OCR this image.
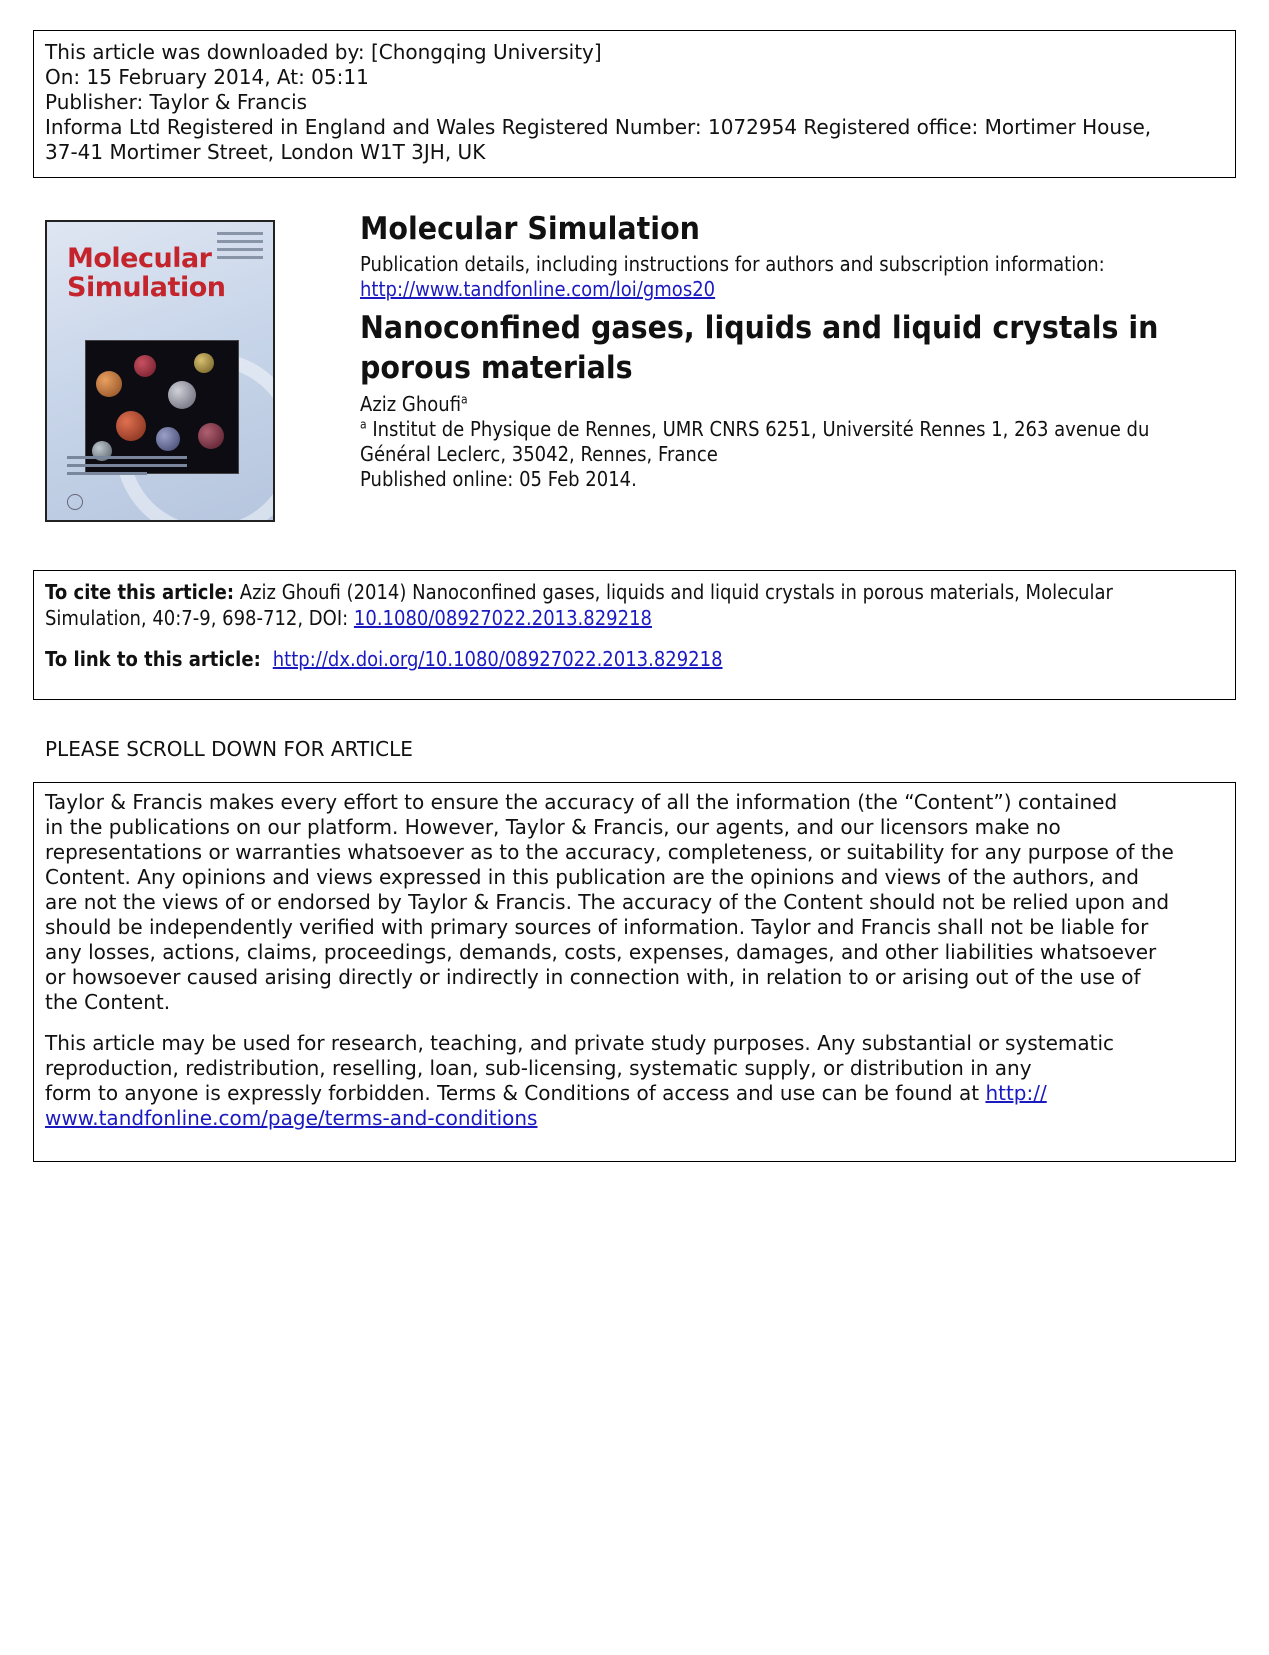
This article was downloaded by: [Chongqing University]
On: 15 February 2014, At: 05:11
Publisher: Taylor & Francis
Informa Ltd Registered in England and Wales Registered Number: 1072954 Registered office: Mortimer House,
37-41 Mortimer Street, London W1T 3JH, UK
Molecular
Simulation
Molecular Simulation
Publication details, including instructions for authors and subscription information:
http://www.tandfonline.com/loi/gmos20
Nanoconfined gases, liquids and liquid crystals in
porous materials
Aziz Ghoufi$^a$
$^a$ Institut de Physique de Rennes, UMR CNRS 6251, Université Rennes 1, 263 avenue du
Général Leclerc, 35042, Rennes, France
Published online: 05 Feb 2014.
To cite this article: Aziz Ghoufi (2014) Nanoconfined gases, liquids and liquid crystals in porous materials, Molecular
Simulation, 40:7-9, 698-712, DOI: 10.1080/08927022.2013.829218
To link to this article:  http://dx.doi.org/10.1080/08927022.2013.829218
PLEASE SCROLL DOWN FOR ARTICLE
Taylor & Francis makes every effort to ensure the accuracy of all the information (the “Content”) contained
in the publications on our platform. However, Taylor & Francis, our agents, and our licensors make no
representations or warranties whatsoever as to the accuracy, completeness, or suitability for any purpose of the
Content. Any opinions and views expressed in this publication are the opinions and views of the authors, and
are not the views of or endorsed by Taylor & Francis. The accuracy of the Content should not be relied upon and
should be independently verified with primary sources of information. Taylor and Francis shall not be liable for
any losses, actions, claims, proceedings, demands, costs, expenses, damages, and other liabilities whatsoever
or howsoever caused arising directly or indirectly in connection with, in relation to or arising out of the use of
the Content.
This article may be used for research, teaching, and private study purposes. Any substantial or systematic
reproduction, redistribution, reselling, loan, sub-licensing, systematic supply, or distribution in any
form to anyone is expressly forbidden. Terms & Conditions of access and use can be found at http://
www.tandfonline.com/page/terms-and-conditions
